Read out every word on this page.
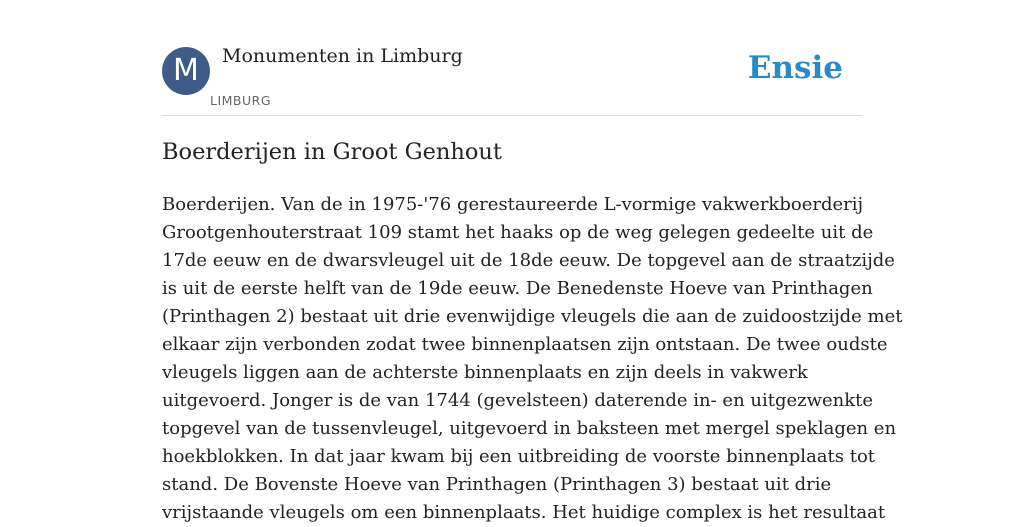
M	Monumenten in Limburg
LIMBURG
Ensie
Boerderijen in Groot Genhout

Boerderijen. Van de in 1975-'76 gerestaureerde L-vormige vakwerkboerderij
Grootgenhouterstraat 109 stamt het haaks op de weg gelegen gedeelte uit de
17de eeuw en de dwarsvleugel uit de 18de eeuw. De topgevel aan de straatzijde
is uit de eerste helft van de 19de eeuw. De Benedenste Hoeve van Printhagen
(Printhagen 2) bestaat uit drie evenwijdige vleugels die aan de zuidoostzijde met
elkaar zijn verbonden zodat twee binnenplaatsen zijn ontstaan. De twee oudste
vleugels liggen aan de achterste binnenplaats en zijn deels in vakwerk
uitgevoerd. Jonger is de van 1744 (gevelsteen) daterende in- en uitgezwenkte
topgevel van de tussenvleugel, uitgevoerd in baksteen met mergel speklagen en
hoekblokken. In dat jaar kwam bij een uitbreiding de voorste binnenplaats tot
stand. De Bovenste Hoeve van Printhagen (Printhagen 3) bestaat uit drie
vrijstaande vleugels om een binnenplaats. Het huidige complex is het resultaat
